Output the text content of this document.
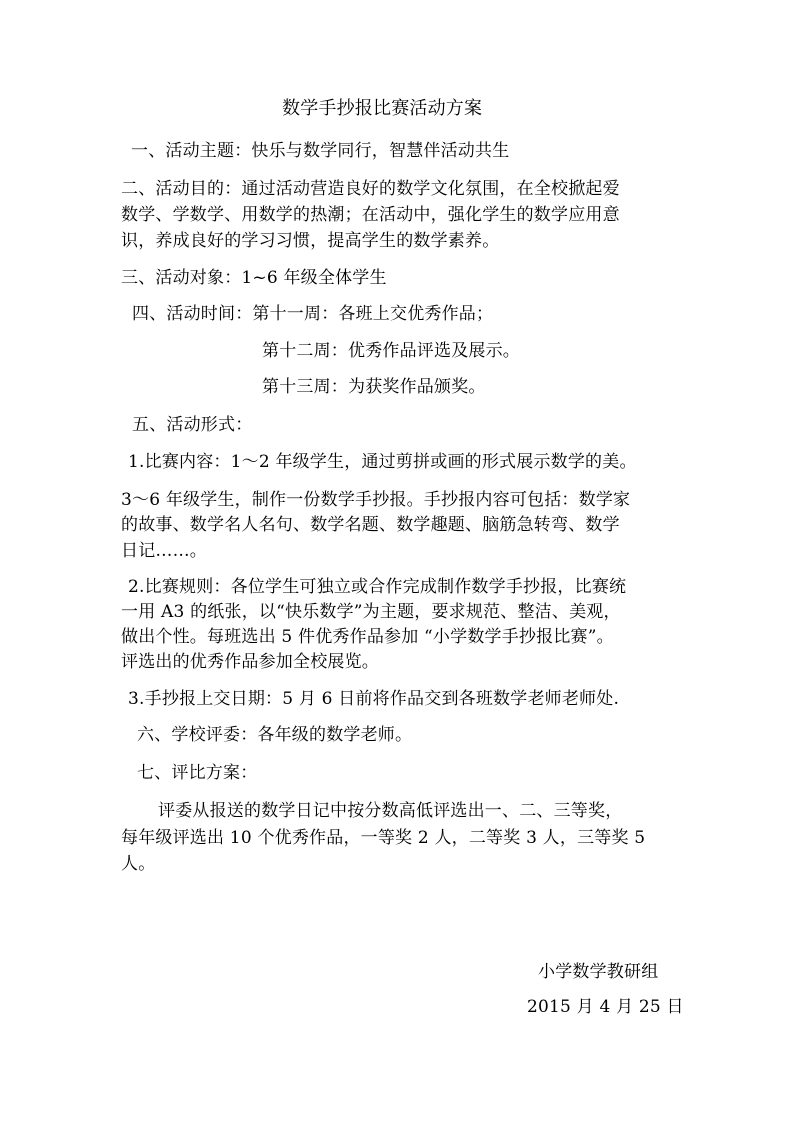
数学手抄报比赛活动方案
一、活动主题：快乐与数学同行，智慧伴活动共生
二、活动目的：通过活动营造良好的数学文化氛围，在全校掀起爱
数学、学数学、用数学的热潮；在活动中，强化学生的数学应用意
识，养成良好的学习习惯，提高学生的数学素养。
三、活动对象：1~6 年级全体学生
四、活动时间：第十一周：各班上交优秀作品；
第十二周：优秀作品评选及展示。
第十三周：为获奖作品颁奖。
五、活动形式：
1.比赛内容：1～2 年级学生，通过剪拼或画的形式展示数学的美。
3～6 年级学生，制作一份数学手抄报。手抄报内容可包括：数学家
的故事、数学名人名句、数学名题、数学趣题、脑筋急转弯、数学
日记……。
2.比赛规则：各位学生可独立或合作完成制作数学手抄报，比赛统
一用 A3 的纸张，以“快乐数学”为主题，要求规范、整洁、美观，
做出个性。每班选出 5 件优秀作品参加 “小学数学手抄报比赛”。
评选出的优秀作品参加全校展览。
3.手抄报上交日期：5 月 6 日前将作品交到各班数学老师老师处.
六、学校评委：各年级的数学老师。
七、评比方案：
评委从报送的数学日记中按分数高低评选出一、二、三等奖，
每年级评选出 10 个优秀作品，一等奖 2 人，二等奖 3 人，三等奖 5
人。
小学数学教研组
2015 月 4 月 25 日
